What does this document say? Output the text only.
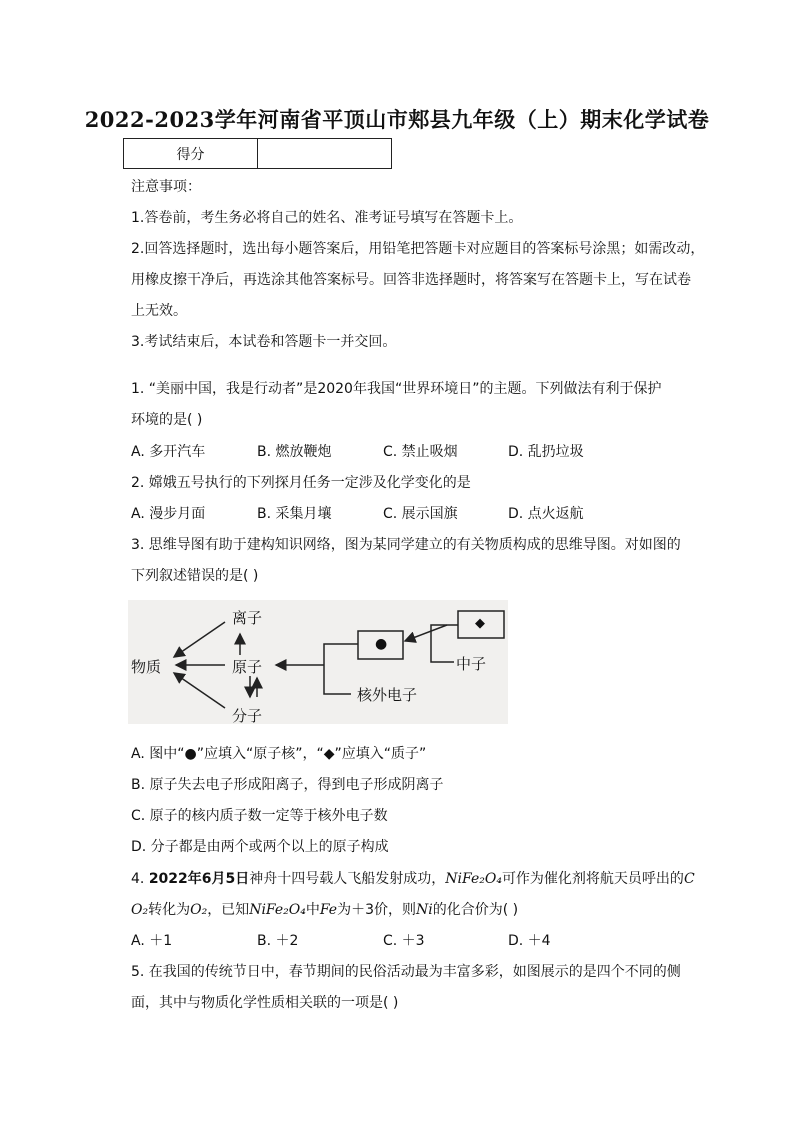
2022-2023学年河南省平顶山市郏县九年级（上）期末化学试卷
得分	
注意事项：
1.答卷前，考生务必将自己的姓名、准考证号填写在答题卡上。
2.回答选择题时，选出每小题答案后，用铅笔把答题卡对应题目的答案标号涂黑；如需改动，
用橡皮擦干净后，再选涂其他答案标号。回答非选择题时，将答案写在答题卡上，写在试卷
上无效。
3.考试结束后，本试卷和答题卡一并交回。
1. “美丽中国，我是行动者”是2020年我国“世界环境日”的主题。下列做法有利于保护
环境的是( )
A. 多开汽车	B. 燃放鞭炮	C. 禁止吸烟	D. 乱扔垃圾
2. 嫦娥五号执行的下列探月任务一定涉及化学变化的是
A. 漫步月面	B. 采集月壤	C. 展示国旗	D. 点火返航
3. 思维导图有助于建构知识网络，图为某同学建立的有关物质构成的思维导图。对如图的
下列叙述错误的是( )
物质
离子
原子
分子
中子
核外电子
●
◆
A. 图中“●”应填入“原子核”，“◆”应填入“质子”
B. 原子失去电子形成阳离子，得到电子形成阴离子
C. 原子的核内质子数一定等于核外电子数
D. 分子都是由两个或两个以上的原子构成
4. 2022年6月5日神舟十四号载人飞船发射成功，NiFe₂O₄可作为催化剂将航天员呼出的C
O₂转化为O₂，已知NiFe₂O₄中Fe为＋3价，则Ni的化合价为( )
A. ＋1	B. ＋2	C. ＋3	D. ＋4
5. 在我国的传统节日中，春节期间的民俗活动最为丰富多彩，如图展示的是四个不同的侧
面，其中与物质化学性质相关联的一项是( )
